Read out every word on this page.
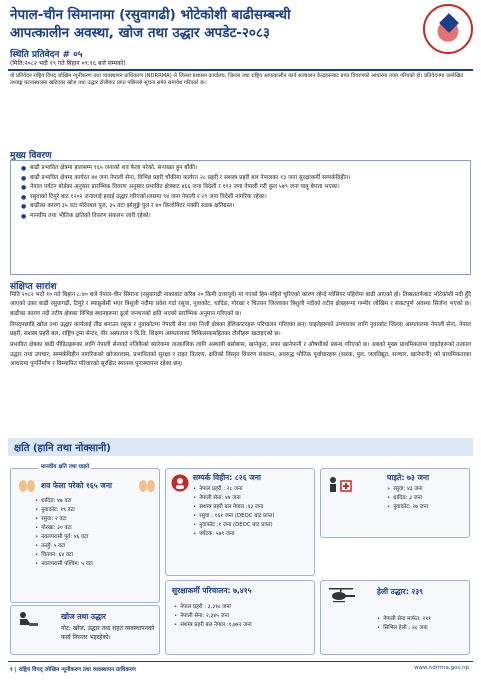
नेपाल-चीन सिमानामा (रसुवागढी) भोटेकोशी बाढीसम्बन्धी

आपत्कालीन अवस्था, खोज तथा उद्धार अपडेट-२०८३

स्थिति प्रतिवेदन # ०५
(मिति:२०८२ भदौ १९ गते बिहान ०९:१६ बजे सम्मको)
यो प्रतिवेदन राष्ट्रिय विपद् जोखिम न्यूनीकरण तथा व्यवस्थापन प्राधिकरण (NDRRMA) ले जिल्ला प्रशासन कार्यालय, जिल्ला तथा राष्ट्रिय आपत्कालीन कार्य सञ्चालन केन्द्रहरूबाट प्राप्त विवरणको आधारमा तयार गरिएको हो। प्रतिवेदनमा उल्लेखित तथ्याङ्क घटनास्थलमा खटिएका खोज तथा उद्धार टोलीबाट प्राप्त पछिल्लो सूचना समेत समावेश गरिएको छ।
मुख्य विवरण
● बाढी प्रभावित क्षेत्रमा हालसम्म १६५ जनाको शव फेला परेको, सनाखत हुन बाँकी।
● बाढी प्रभावित क्षेत्रमा कार्यरत ४४ जना नेपाली सेना, विभिन्न प्रहरी चौकीमा कार्यरत २८ प्रहरी र सशस्त्र प्रहरी बल नेपालका १३ जना सुरक्षाकर्मी सम्पर्कविहीन।
● नेपाल पर्यटन बोर्डका अनुसार प्रारम्भिक विवरण अनुसार प्रभावित क्षेत्रबाट ४६६ जना विदेशी र ११२ जना नेपाली गरी कुल ५७९ जना यात्रु बेपत्ता भएका।
● रसुवाको टिमुरे बाट १२०२ जनालाई हवाई उद्धार गरिएको।जसमा ९४ जना नेपाली र २९ जना विदेशी नागरिक रहेका।
● बाढीका कारण ३५ वटा मोटेरबल पुल, ३५ वटा झोलुङ्गे पुल र ४० किलोमिटर पक्की सडक क्षतिग्रस्त।
● मानवीय तथा भौतिक क्षतिको विवरण संकलन जारी रहेको।
संक्षिप्त सारांश

मिति २०८२ भदौ १० गते बिहान ८:४० बजे नेपाल-चीन सिमाना (रसुवागढी नाकाबाट करिब २० किमी उत्तरपूर्व) मा गएको हिम-पहिरो चुरिएको कारण ल्हेन्दे ग्लेसियर पहिरोमा बाढी आएको हो। तिब्बततर्फबाट भोटेकोशी नदी हुँदै आएको उक्त बाढी रसुवागढी, टिमुरे र स्याफ्रुबेंसी भएर त्रिशुली नदीमा प्रवेश गर्दा रसुवा, नुवाकोट, धादिङ, गोरखा र चितवन जिल्लाका त्रिशुली नदीको तटीय क्षेत्रहरूमा गम्भीर जोखिम र संकटपूर्ण अवस्था सिर्जना भएको छ। बाढीका कारण नदी तटीय क्षेत्रका विभिन्न स्थानहरूमा ठूलो जनधनको क्षति भएको प्रारम्भिक अनुमान गरिएको छ।

विपद्पछाडि खोज तथा उद्धार कार्यलाई तीव्र बनाउन रसुवा र नुवाकोटमा नेपाली सेना तथा निजी क्षेत्रका हेलिकप्टरहरू परिचालन गरिएका छन्। घाइतेहरूको उपचारका लागि नुवाकोट जिल्ला अस्पतालमा नेपाली सेना, नेपाल प्रहरी, सशस्त्र प्रहरी बल, राष्ट्रिय ट्रमा सेन्टर, वीर अस्पताल र त्रि.वि. शिक्षण अस्पतालका चिकित्सकसहितका टोलीहरू खटाइएको छ।

प्रभावित क्षेत्रका बाढी पीडितहरूका लागि नेपाली सेनाको नजिकैको ब्यारेकमा तात्कालिक लागि अस्थायी बसोबास, खानेकुरा, सफा खानेपानी र औषधीको प्रबन्ध गरिएको छ। अबको मुख्य प्राथमिकतामा घाइतेहरूको तत्काल उद्धार तथा उपचार, सम्पर्कविहीन नागरिकको खोजतलास, प्रभावितको सुरक्षा र राहत वितरण, क्षतिको विस्तृत विवरण संकलन, अवरुद्ध भौतिक पूर्वाधारहरू (सडक, पुल, जलविद्युत, सञ्चार, खानेपानी) को प्राथमिकताका आधारमा पुनर्निर्माण र विस्थापित परिवारको सुरक्षित स्थानमा पुनःस्थापना रहेका छन्।

क्षति (हानि तथा नोक्सानी)
मानवीय क्षति तथा घाइते
शव फेला परेको १६५ जना
• धादिङ: ४७ वटा
• नुवाकोट: १९ वटा
• रसुवा: २ वटा
• गोरखा: ३० वटा
• नवलपरासी पूर्व: ४६ वटा
• तनहुँ: ५ वटा
• चितवन: ६४ वटा
• नवलपरासी पश्चिम: ५ वटा
सम्पर्क विहीन: ८२६ जना
• नेपाल प्रहरी : २८ जना
• नेपाली सेना: ४४ जना
• सशस्त्र प्रहरी बल नेपाल :१३ जना
• रसुवा : १६१ जना (DEOC बाट प्राप्त)
• नुवाकोट :१ जना (DEOC बाट प्राप्त)
• पर्यटक: ५७९ जना
घाइते: ७३ जना
• रसुवा: ४३ जना
• धादिङ: ३ जना
• नुवाकोट: २७ जना
खोज तथा उद्धार
नोट: खोज, उद्धार तथा राहत व्यवस्थापनको कार्य निरन्तर भइरहेको।
सुरक्षाकर्मी परिचालन: ७,४१५
• नेपाल प्रहरी : ३,३१८ जना
• नेपाली सेना: २,३४५ जना
• सशस्त्र प्रहरी बल नेपाल :१,७४२ जना
हेली उद्धार: २३९
• नेपाली सेना मार्फत: २११
• सिभिल हेली : २८ जना
१ | राष्ट्रिय विपद् जोखिम न्यूनीकरण तथा व्यवस्थापन प्राधिकरण	www.ndrrma.gov.np
